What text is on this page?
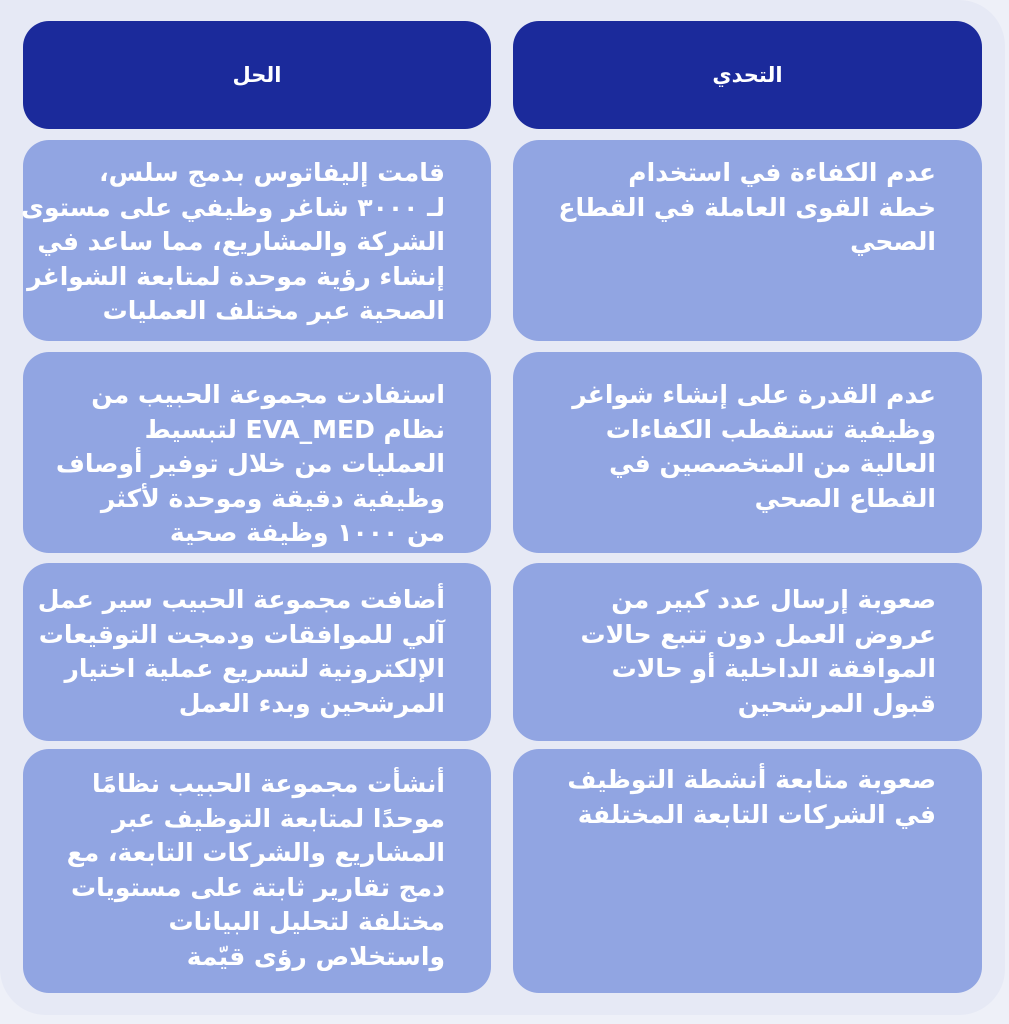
الحل	التحدي
قامت إليفاتوس بدمج سلس،
لـ ٣٠٠٠ شاغر وظيفي على مستوى
الشركة والمشاريع، مما ساعد في
إنشاء رؤية موحدة لمتابعة الشواغر
الصحية عبر مختلف العمليات
عدم الكفاءة في استخدام
خطة القوى العاملة في القطاع
الصحي
استفادت مجموعة الحبيب من
نظام EVA_MED لتبسيط
العمليات من خلال توفير أوصاف
وظيفية دقيقة وموحدة لأكثر
من ١٠٠٠ وظيفة صحية
عدم القدرة على إنشاء شواغر
وظيفية تستقطب الكفاءات
العالية من المتخصصين في
القطاع الصحي
أضافت مجموعة الحبيب سير عمل
آلي للموافقات ودمجت التوقيعات
الإلكترونية لتسريع عملية اختيار
المرشحين وبدء العمل
صعوبة إرسال عدد كبير من
عروض العمل دون تتبع حالات
الموافقة الداخلية أو حالات
قبول المرشحين
أنشأت مجموعة الحبيب نظامًا
موحدًا لمتابعة التوظيف عبر
المشاريع والشركات التابعة، مع
دمج تقارير ثابتة على مستويات
مختلفة لتحليل البيانات
واستخلاص رؤى قيّمة
صعوبة متابعة أنشطة التوظيف
في الشركات التابعة المختلفة
